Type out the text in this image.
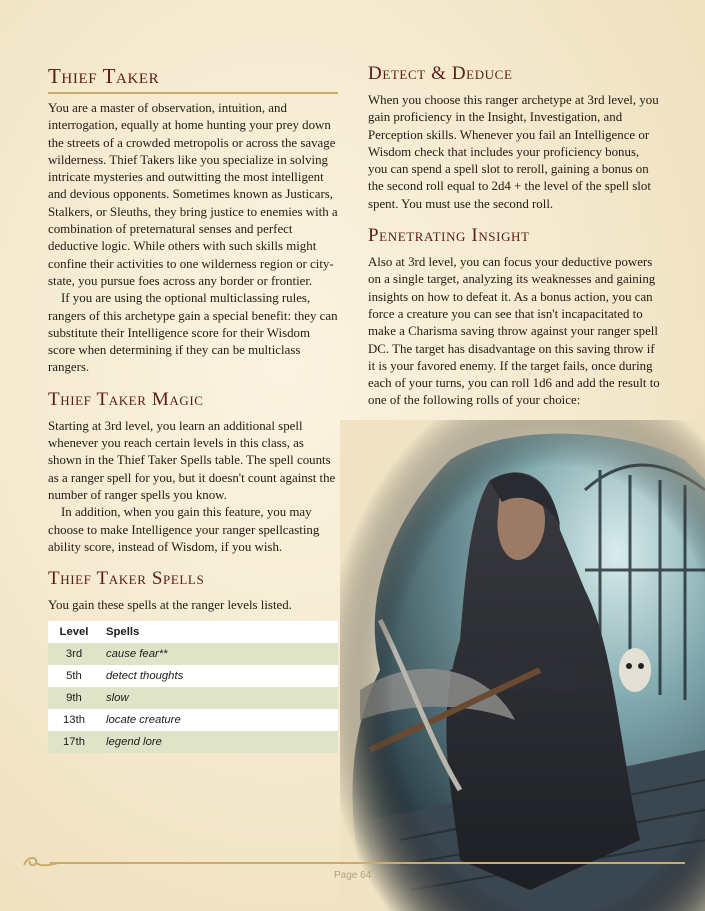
Thief Taker

You are a master of observation, intuition, and interrogation, equally at home hunting your prey down the streets of a crowded metropolis or across the savage wilderness. Thief Takers like you specialize in solving intricate mysteries and outwitting the most intelligent and devious opponents. Sometimes known as Justicars, Stalkers, or Sleuths, they bring justice to enemies with a combination of preternatural senses and perfect deductive logic. While others with such skills might confine their activities to one wilderness region or city-state, you pursue foes across any border or frontier.

If you are using the optional multiclassing rules, rangers of this archetype gain a special benefit: they can substitute their Intelligence score for their Wisdom score when determining if they can be multiclass rangers.

Thief Taker Magic

Starting at 3rd level, you learn an additional spell whenever you reach certain levels in this class, as shown in the Thief Taker Spells table. The spell counts as a ranger spell for you, but it doesn't count against the number of ranger spells you know.

In addition, when you gain this feature, you may choose to make Intelligence your ranger spellcasting ability score, instead of Wisdom, if you wish.

Thief Taker Spells

You gain these spells at the ranger levels listed.

Level	Spells
3rd	cause fear**
5th	detect thoughts
9th	slow
13th	locate creature
17th	legend lore
Detect & Deduce

When you choose this ranger archetype at 3rd level, you gain proficiency in the Insight, Investigation, and Perception skills. Whenever you fail an Intelligence or Wisdom check that includes your proficiency bonus, you can spend a spell slot to reroll, gaining a bonus on the second roll equal to 2d4 + the level of the spell slot spent. You must use the second roll.

Penetrating Insight

Also at 3rd level, you can focus your deductive powers on a single target, analyzing its weaknesses and gaining insights on how to defeat it. As a bonus action, you can force a creature you can see that isn't incapacitated to make a Charisma saving throw against your ranger spell DC. The target has disadvantage on this saving throw if it is your favored enemy. If the target fails, once during each of your turns, you can roll 1d6 and add the result to one of the following rolls of your choice:

Page 64
